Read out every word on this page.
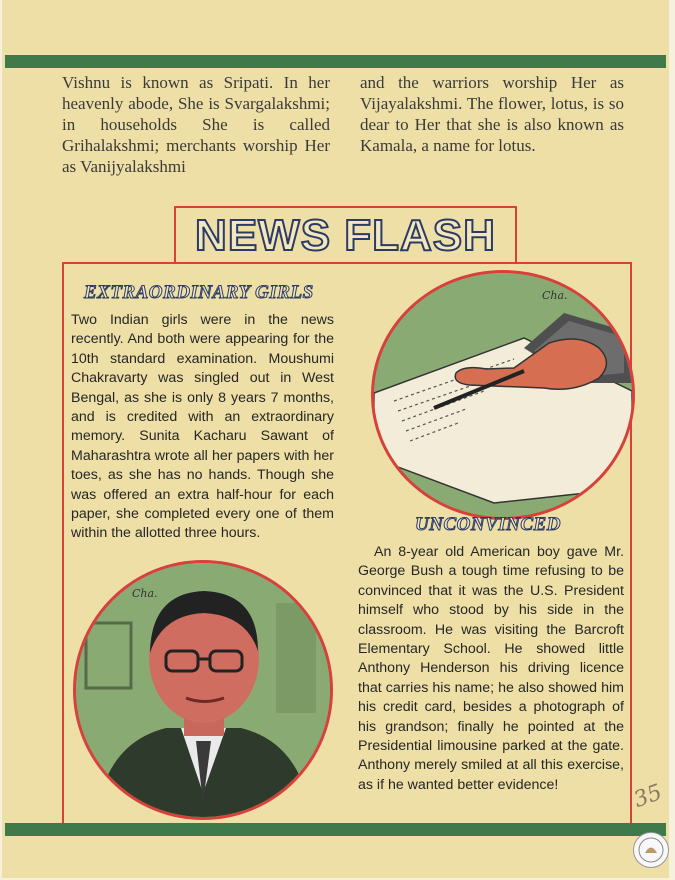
Vishnu is known as Sripati. In her heavenly abode, She is Svargalakshmi; in households She is called Grihalakshmi; merchants worship Her as Vanijyalakshmi

and the warriors worship Her as Vijayalakshmi. The flower, lotus, is so dear to Her that she is also known as Kamala, a name for lotus.

NEWS FLASH
EXTRAORDINARY GIRLS

Two Indian girls were in the news recently. And both were appearing for the 10th standard examination. Moushumi Chakravarty was singled out in West Bengal, as she is only 8 years 7 months, and is credited with an extraordinary memory. Sunita Kacharu Sawant of Maharashtra wrote all her papers with her toes, as she has no hands. Though she was offered an extra half-hour for each paper, she completed every one of them within the allotted three hours.

Cha.
UNCONVINCED

An 8-year old American boy gave Mr. George Bush a tough time refusing to be convinced that it was the U.S. President himself who stood by his side in the classroom. He was visiting the Barcroft Elementary School. He showed little Anthony Henderson his driving licence that carries his name; he also showed him his credit card, besides a photograph of his grandson; finally he pointed at the Presidential limousine parked at the gate. Anthony merely smiled at all this exercise, as if he wanted better evidence!

Cha.

35
